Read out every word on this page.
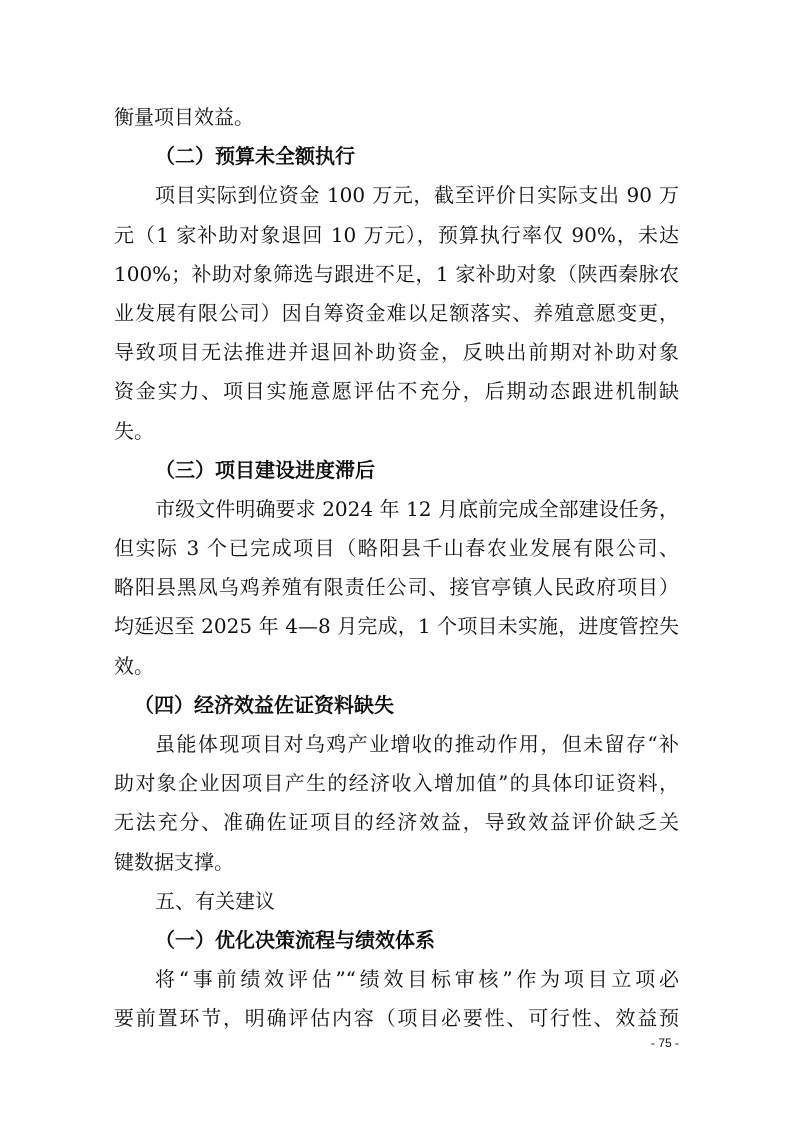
衡量项目效益。
（二）预算未全额执行
项目实际到位资金 100 万元，截至评价日实际支出 90 万
元（1 家补助对象退回 10 万元），预算执行率仅 90%，未达
100%；补助对象筛选与跟进不足，1 家补助对象（陕西秦脉农
业发展有限公司）因自筹资金难以足额落实、养殖意愿变更，
导致项目无法推进并退回补助资金，反映出前期对补助对象
资金实力、项目实施意愿评估不充分，后期动态跟进机制缺
失。
（三）项目建设进度滞后
市级文件明确要求 2024 年 12 月底前完成全部建设任务，
但实际 3 个已完成项目（略阳县千山春农业发展有限公司、
略阳县黑凤乌鸡养殖有限责任公司、接官亭镇人民政府项目）
均延迟至 2025 年 4—8 月完成，1 个项目未实施，进度管控失
效。
（四）经济效益佐证资料缺失
虽能体现项目对乌鸡产业增收的推动作用，但未留存“补
助对象企业因项目产生的经济收入增加值”的具体印证资料，
无法充分、准确佐证项目的经济效益，导致效益评价缺乏关
键数据支撑。
五、有关建议
（一）优化决策流程与绩效体系
将“事前绩效评估”“绩效目标审核”作为项目立项必
要前置环节，明确评估内容（项目必要性、可行性、效益预
- 75 -
